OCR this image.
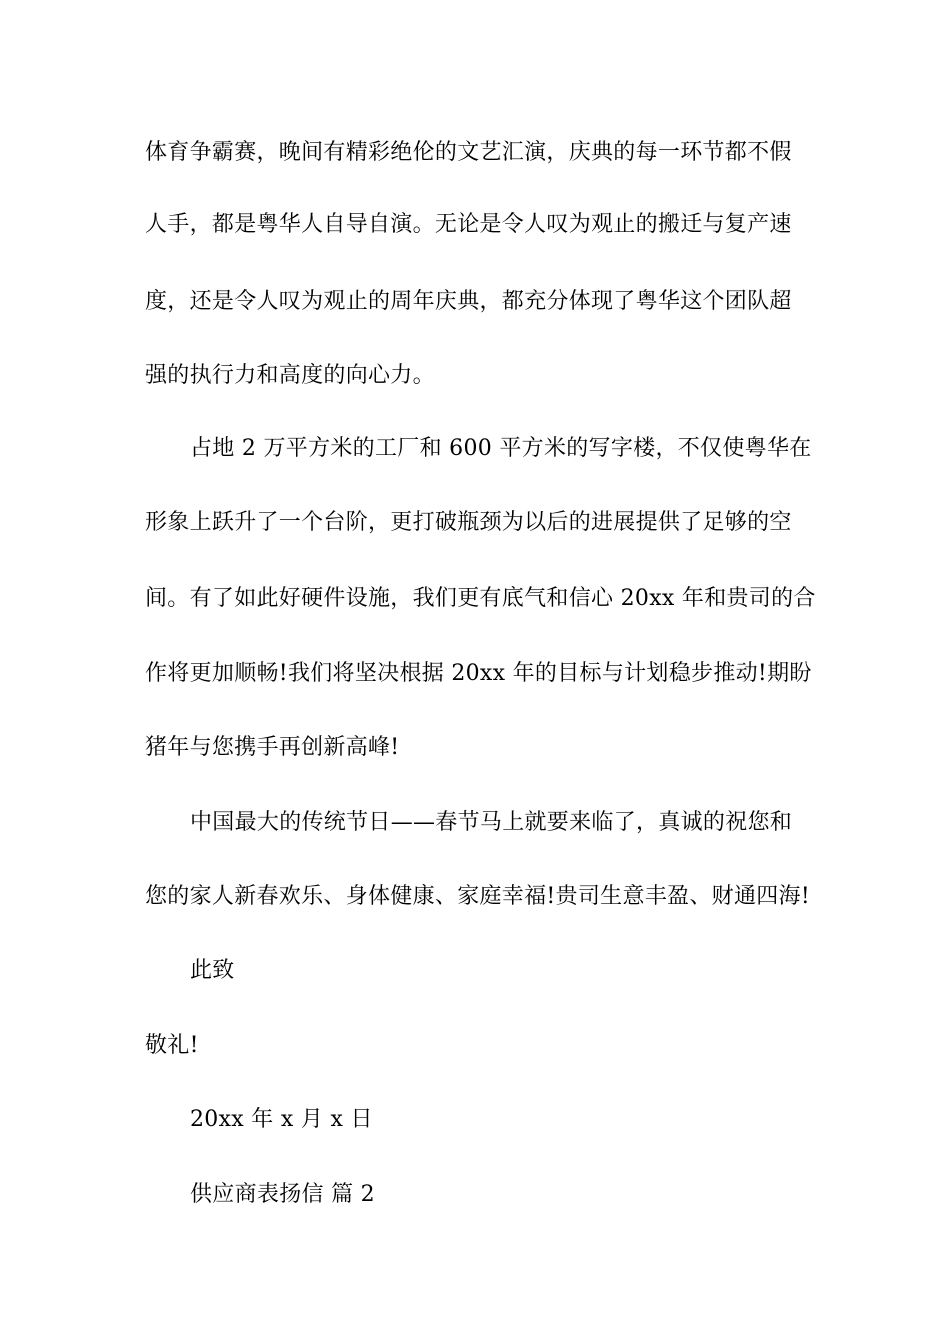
体育争霸赛，晚间有精彩绝伦的文艺汇演，庆典的每一环节都不假
人手，都是粤华人自导自演。无论是令人叹为观止的搬迁与复产速
度，还是令人叹为观止的周年庆典，都充分体现了粤华这个团队超
强的执行力和高度的向心力。
占地 2 万平方米的工厂和 600 平方米的写字楼，不仅使粤华在
形象上跃升了一个台阶，更打破瓶颈为以后的进展提供了足够的空
间。有了如此好硬件设施，我们更有底气和信心 20xx 年和贵司的合
作将更加顺畅!我们将坚决根据 20xx 年的目标与计划稳步推动!期盼
猪年与您携手再创新高峰!
中国最大的传统节日——春节马上就要来临了，真诚的祝您和
您的家人新春欢乐、身体健康、家庭幸福!贵司生意丰盈、财通四海!
此致
敬礼!
20xx 年 x 月 x 日
供应商表扬信 篇 2
